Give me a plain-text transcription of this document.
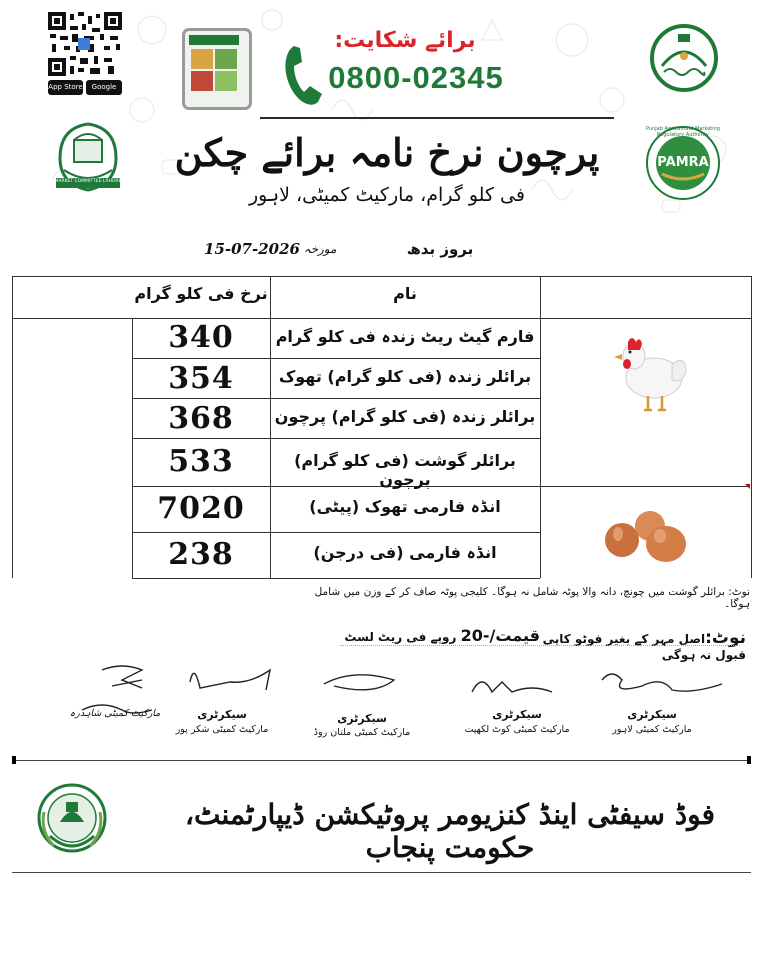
App Store	Google Play
برائے شکایت:
0800-02345
پرچون نرخ نامہ برائے چکن
فی کلو گرام، مارکیٹ کمیٹی، لاہور
Punjab Agricultural Marketing Regulatory Authority
PAMRA
MARKET COMMITTEE LAHORE
بروز بدھ
مورخہ
15-07-2026
نام
نرخ فی کلو گرام
فارم گیٹ ریٹ زندہ فی کلو گرام
340
برائلر زندہ (فی کلو گرام) تھوک
354
برائلر زندہ (فی کلو گرام) پرچون
368
برائلر گوشت (فی کلو گرام) پرچون
533
انڈہ فارمی تھوک (پیٹی)
7020
انڈہ فارمی (فی درجن)
238
نوٹ: برائلر گوشت میں چونچ، دانہ والا پوٹہ شامل نہ ہوگا۔ کلیجی پوٹہ صاف کر کے وزن میں شامل ہوگا۔
نوٹ:اصل مہر کے بغیر فوٹو کاپی قبول نہ ہوگی
قیمت/-20 روپے فی ریٹ لسٹ
سیکرٹری
مارکیٹ کمیٹی لاہور
سیکرٹری
مارکیٹ کمیٹی کوٹ لکھپت
سیکرٹری
مارکیٹ کمیٹی ملتان روڈ
سیکرٹری
مارکیٹ کمیٹی شکر پور
مارکیٹ کمیٹی شاہدرہ
فوڈ سیفٹی اینڈ کنزیومر پروٹیکشن ڈیپارٹمنٹ، حکومت پنجاب
